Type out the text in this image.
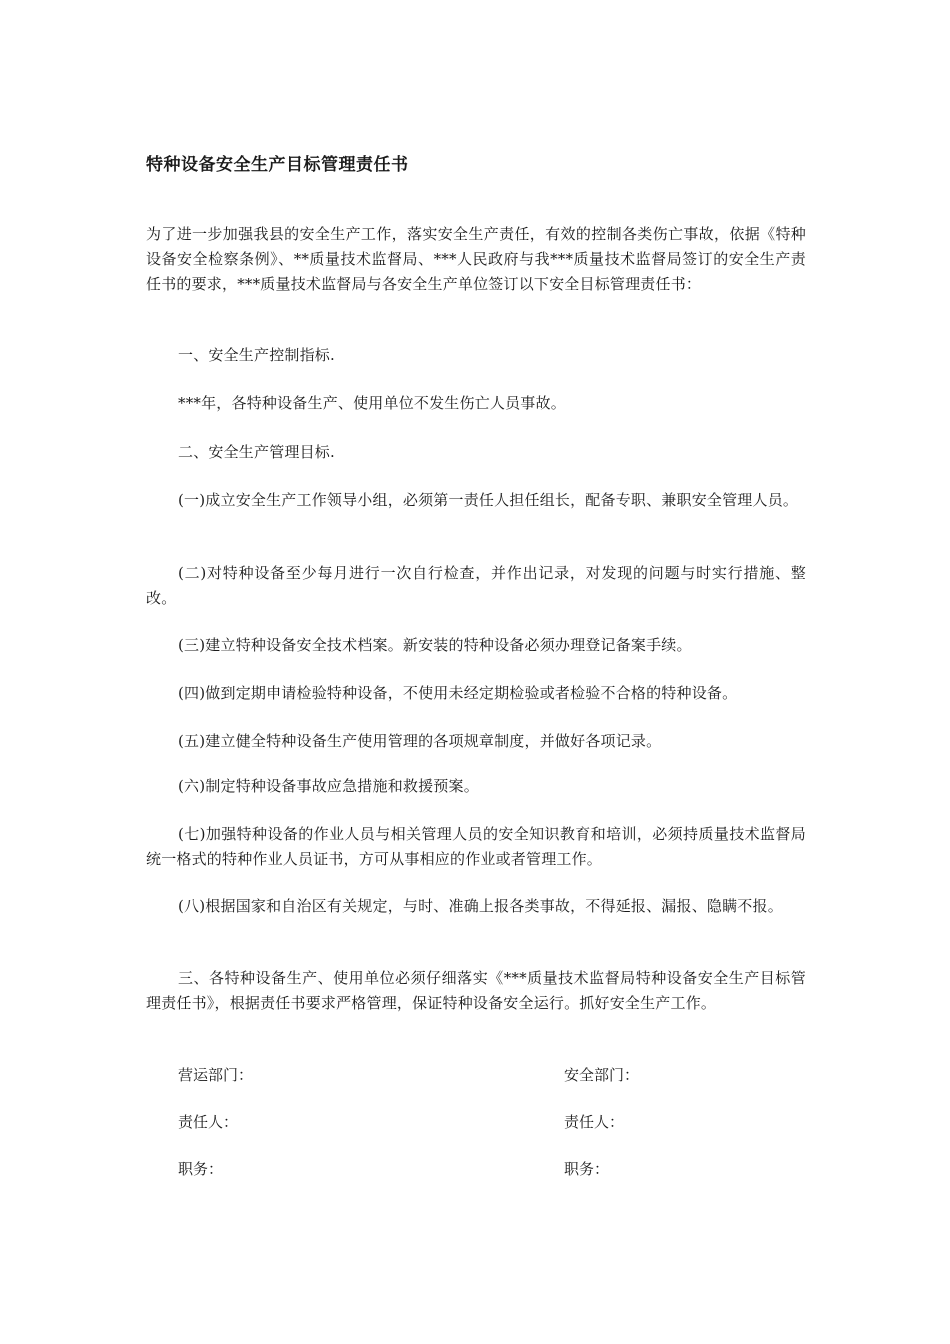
特种设备安全生产目标管理责任书

为了进一步加强我县的安全生产工作，落实安全生产责任，有效的控制各类伤亡事故，依据《特种设备安全检察条例》、**质量技术监督局、***人民政府与我***质量技术监督局签订的安全生产责任书的要求，***质量技术监督局与各安全生产单位签订以下安全目标管理责任书：

一、安全生产控制指标.

***年，各特种设备生产、使用单位不发生伤亡人员事故。

二、安全生产管理目标.

(一)成立安全生产工作领导小组，必须第一责任人担任组长，配备专职、兼职安全管理人员。

(二)对特种设备至少每月进行一次自行检查，并作出记录，对发现的问题与时实行措施、整改。

(三)建立特种设备安全技术档案。新安装的特种设备必须办理登记备案手续。

(四)做到定期申请检验特种设备，不使用未经定期检验或者检验不合格的特种设备。

(五)建立健全特种设备生产使用管理的各项规章制度，并做好各项记录。

(六)制定特种设备事故应急措施和救援预案。

(七)加强特种设备的作业人员与相关管理人员的安全知识教育和培训，必须持质量技术监督局统一格式的特种作业人员证书，方可从事相应的作业或者管理工作。

(八)根据国家和自治区有关规定，与时、准确上报各类事故，不得延报、漏报、隐瞒不报。

三、各特种设备生产、使用单位必须仔细落实《***质量技术监督局特种设备安全生产目标管理责任书》，根据责任书要求严格管理，保证特种设备安全运行。抓好安全生产工作。

营运部门：	安全部门：

责任人：	责任人：

职务：	职务：
